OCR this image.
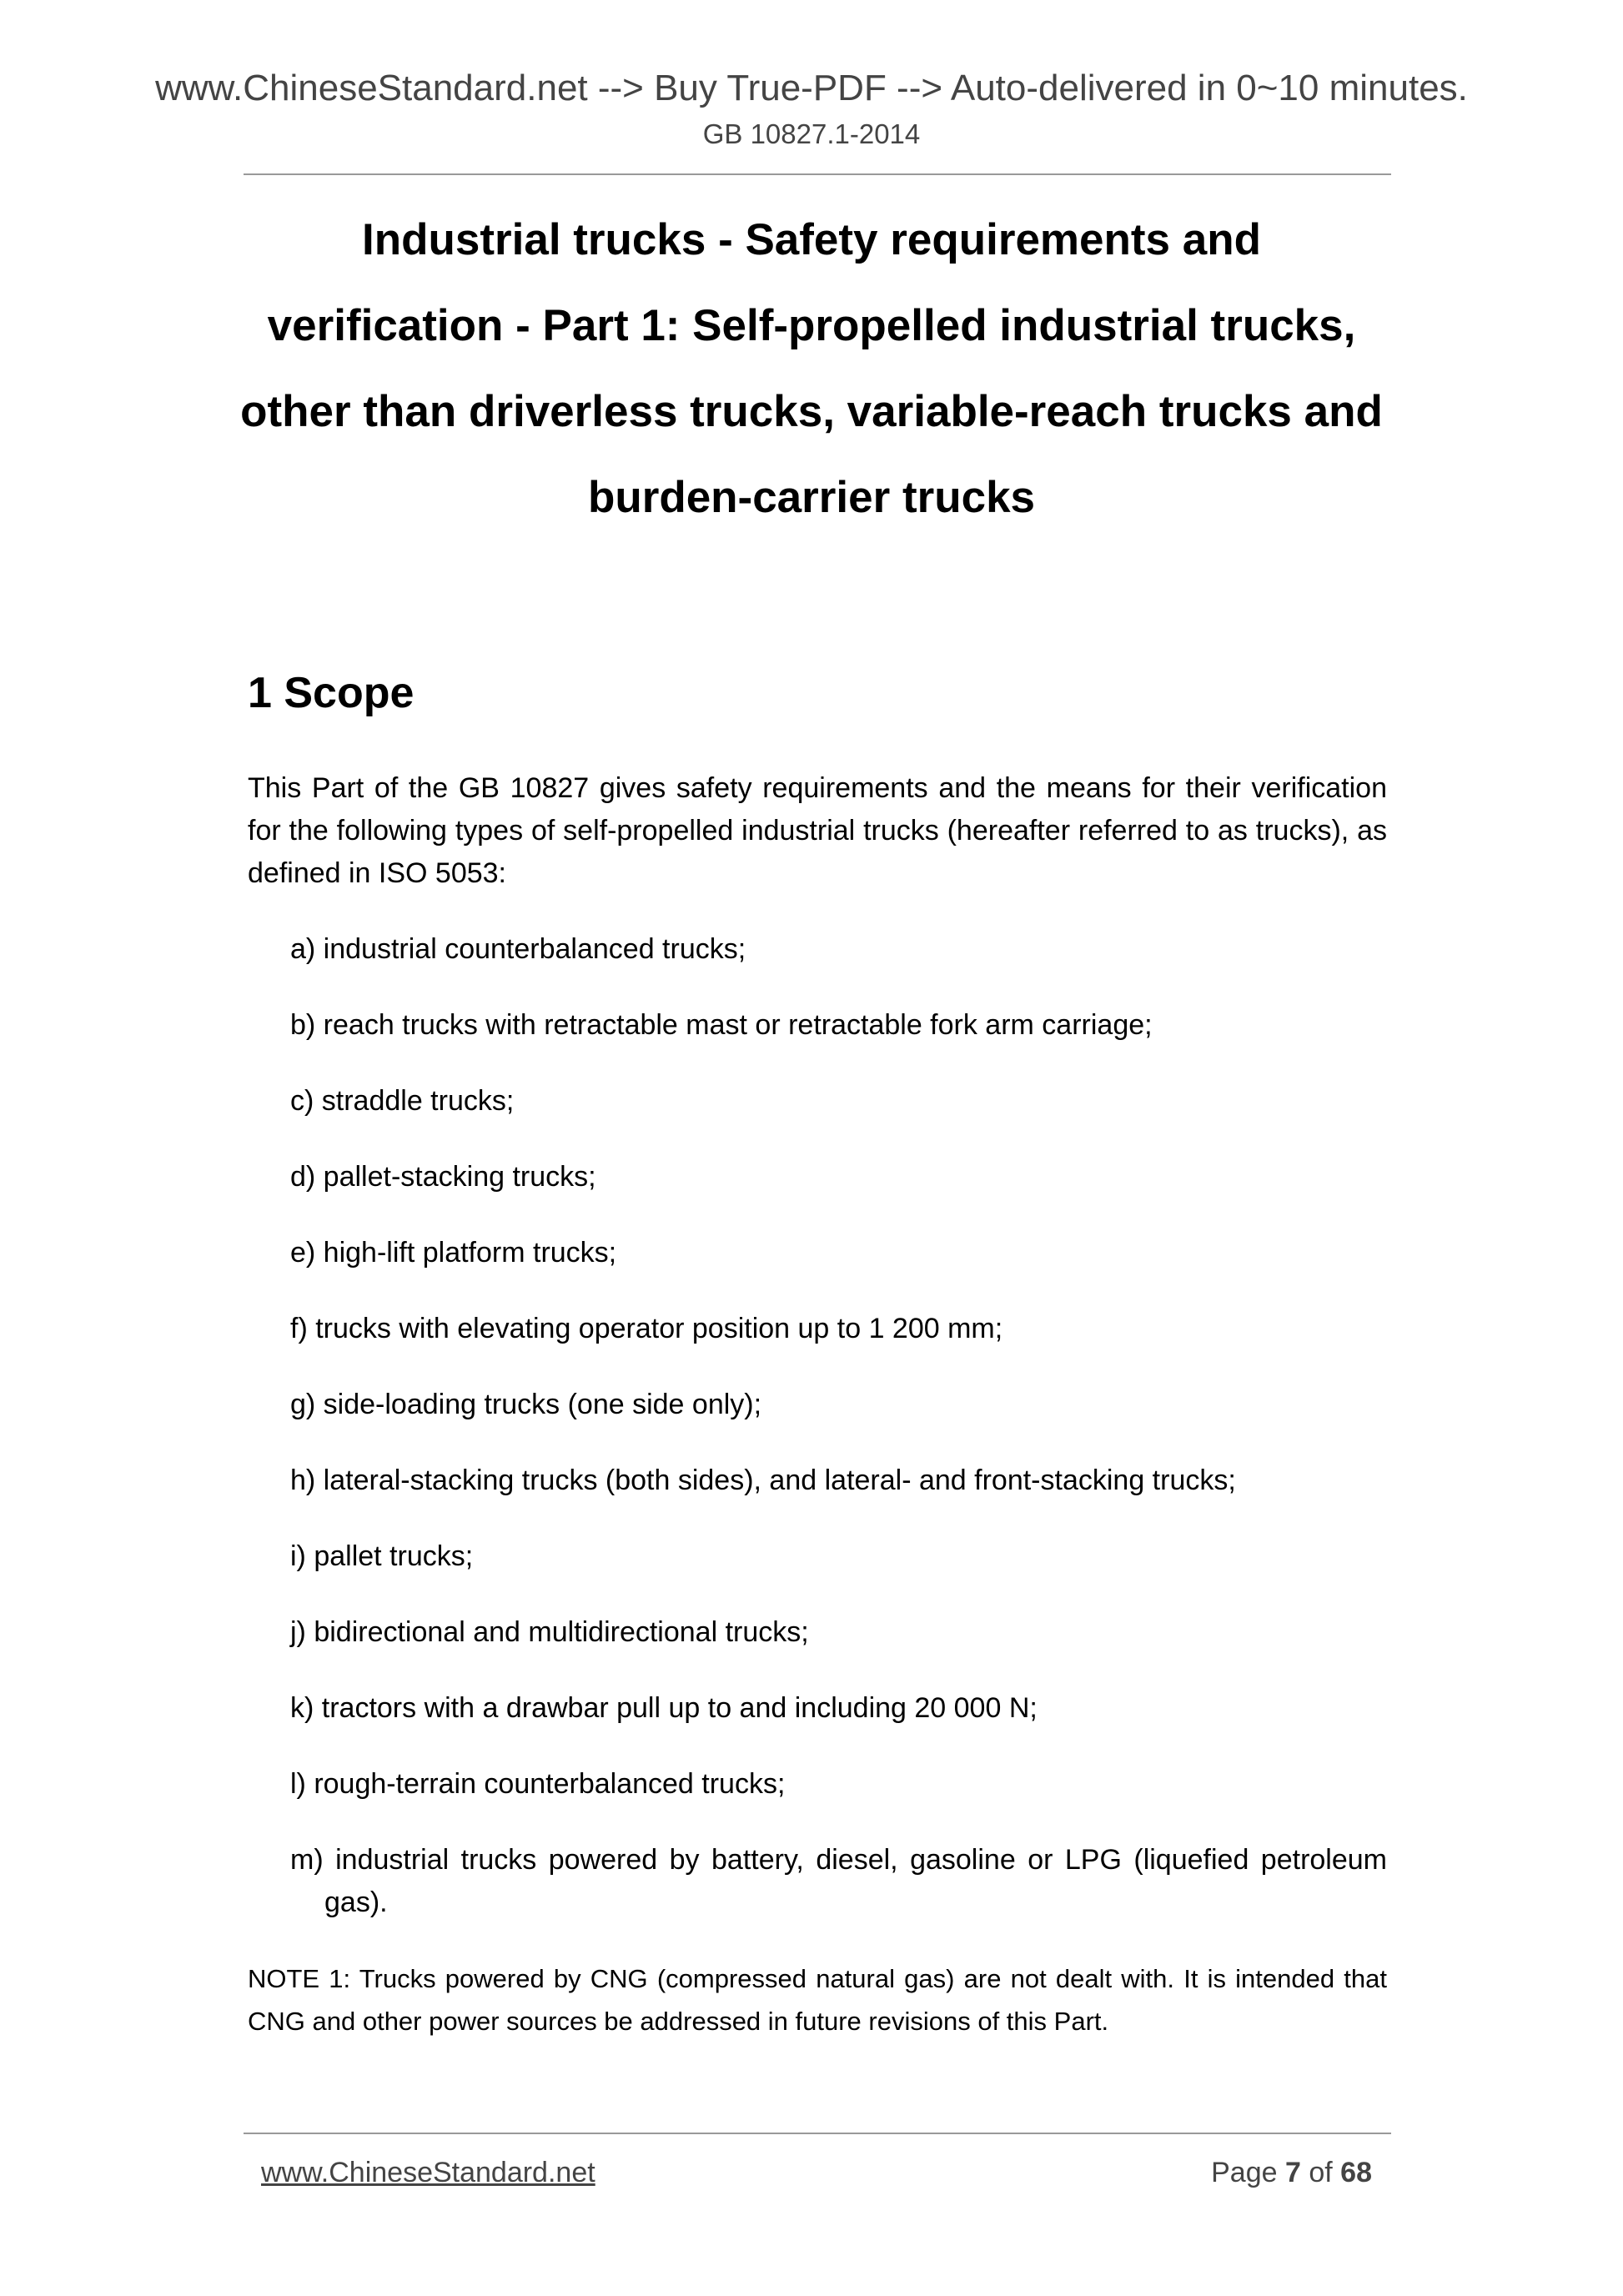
www.ChineseStandard.net --> Buy True-PDF --> Auto-delivered in 0~10 minutes.
GB 10827.1-2014
Industrial trucks - Safety requirements and
verification - Part 1: Self-propelled industrial trucks,
other than driverless trucks, variable-reach trucks and
burden-carrier trucks
1 Scope
This Part of the GB 10827 gives safety requirements and the means for their verification for the following types of self-propelled industrial trucks (hereafter referred to as trucks), as defined in ISO 5053:
a) industrial counterbalanced trucks;
b) reach trucks with retractable mast or retractable fork arm carriage;
c) straddle trucks;
d) pallet-stacking trucks;
e) high-lift platform trucks;
f) trucks with elevating operator position up to 1 200 mm;
g) side-loading trucks (one side only);
h) lateral-stacking trucks (both sides), and lateral- and front-stacking trucks;
i) pallet trucks;
j) bidirectional and multidirectional trucks;
k) tractors with a drawbar pull up to and including 20 000 N;
l) rough-terrain counterbalanced trucks;
m) industrial trucks powered by battery, diesel, gasoline or LPG (liquefied petroleum gas).
NOTE 1: Trucks powered by CNG (compressed natural gas) are not dealt with. It is intended that CNG and other power sources be addressed in future revisions of this Part.
www.ChineseStandard.net	Page 7 of 68
